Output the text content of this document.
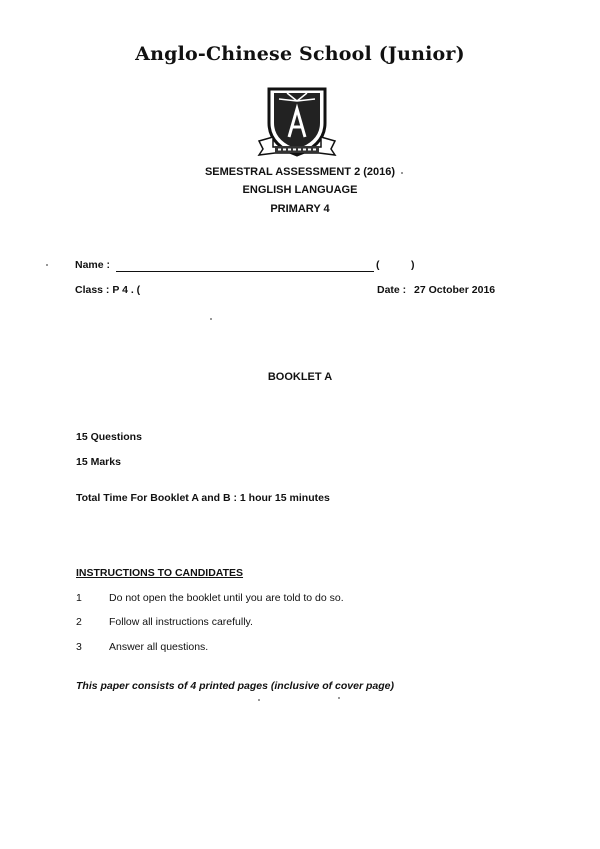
Anglo-Chinese School (Junior)
SEMESTRAL ASSESSMENT 2 (2016)
ENGLISH LANGUAGE
PRIMARY 4
Name :	(	)
Class : P 4 . (	Date : 27 October 2016
BOOKLET A
15 Questions
15 Marks
Total Time For Booklet A and B : 1 hour 15 minutes
INSTRUCTIONS TO CANDIDATES
1	Do not open the booklet until you are told to do so.
2	Follow all instructions carefully.
3	Answer all questions.
This paper consists of 4 printed pages (inclusive of cover page)
